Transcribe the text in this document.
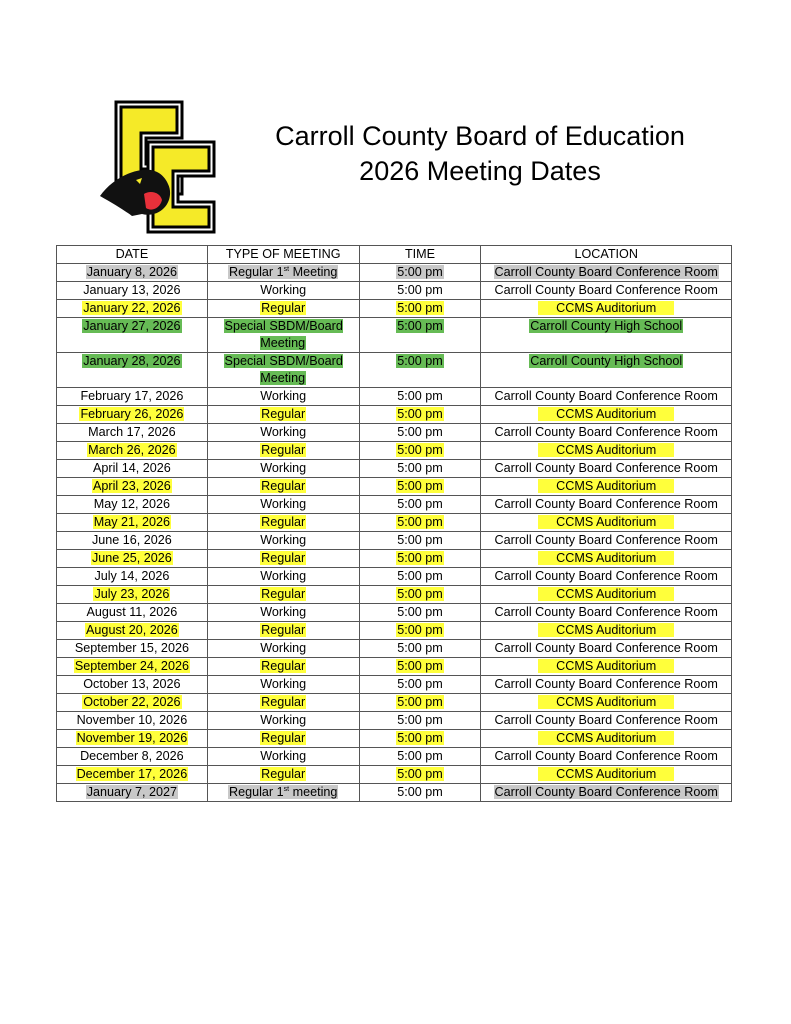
Carroll County Board of Education
2026 Meeting Dates
DATE	TYPE OF MEETING	TIME	LOCATION
January 8, 2026	Regular 1st Meeting	5:00 pm	Carroll County Board Conference Room
January 13, 2026	Working	5:00 pm	Carroll County Board Conference Room
January 22, 2026	Regular	5:00 pm	CCMS Auditorium
January 27, 2026	Special SBDM/Board Meeting	5:00 pm	Carroll County High School
January 28, 2026	Special SBDM/Board Meeting	5:00 pm	Carroll County High School
February 17, 2026	Working	5:00 pm	Carroll County Board Conference Room
February 26, 2026	Regular	5:00 pm	CCMS Auditorium
March 17, 2026	Working	5:00 pm	Carroll County Board Conference Room
March 26, 2026	Regular	5:00 pm	CCMS Auditorium
April 14, 2026	Working	5:00 pm	Carroll County Board Conference Room
April 23, 2026	Regular	5:00 pm	CCMS Auditorium
May 12, 2026	Working	5:00 pm	Carroll County Board Conference Room
May 21, 2026	Regular	5:00 pm	CCMS Auditorium
June 16, 2026	Working	5:00 pm	Carroll County Board Conference Room
June 25, 2026	Regular	5:00 pm	CCMS Auditorium
July 14, 2026	Working	5:00 pm	Carroll County Board Conference Room
July 23, 2026	Regular	5:00 pm	CCMS Auditorium
August 11, 2026	Working	5:00 pm	Carroll County Board Conference Room
August 20, 2026	Regular	5:00 pm	CCMS Auditorium
September 15, 2026	Working	5:00 pm	Carroll County Board Conference Room
September 24, 2026	Regular	5:00 pm	CCMS Auditorium
October 13, 2026	Working	5:00 pm	Carroll County Board Conference Room
October 22, 2026	Regular	5:00 pm	CCMS Auditorium
November 10, 2026	Working	5:00 pm	Carroll County Board Conference Room
November 19, 2026	Regular	5:00 pm	CCMS Auditorium
December 8, 2026	Working	5:00 pm	Carroll County Board Conference Room
December 17, 2026	Regular	5:00 pm	CCMS Auditorium
January 7, 2027	Regular 1st meeting	5:00 pm	Carroll County Board Conference Room
